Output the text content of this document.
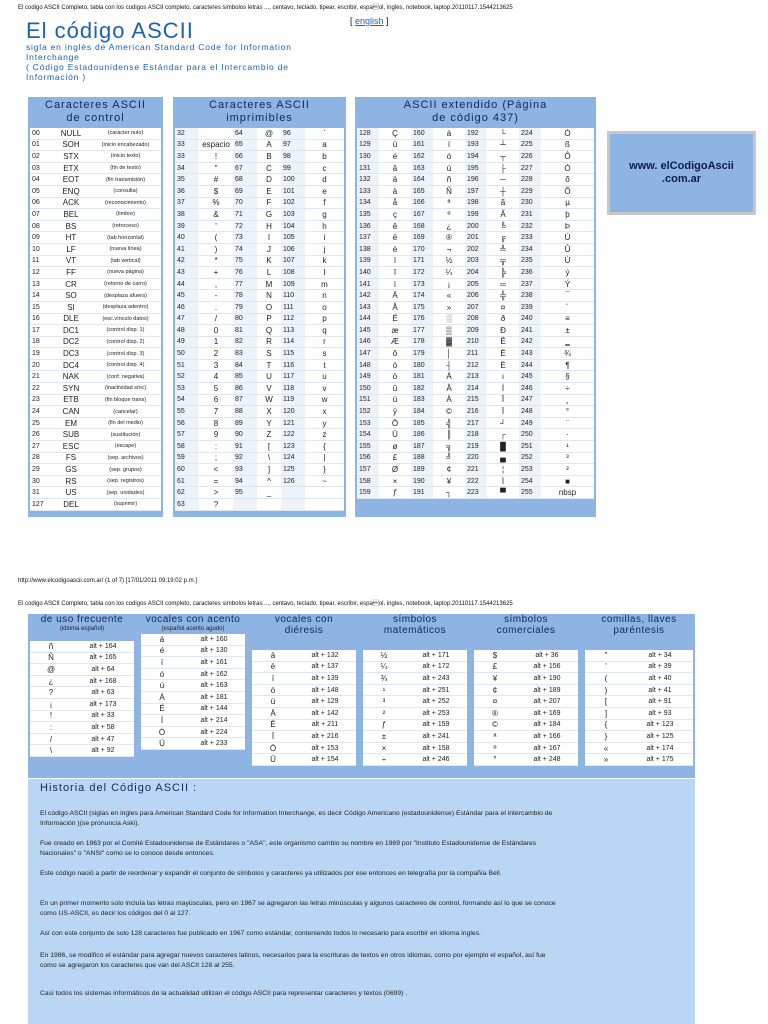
El codigo ASCII Completo, tabla con los codigos ASCII completo, caracteres simbolos letras ..., centavo, teclado, tipear, escribir, espaol, ingles, notebook, laptop.20110117.1544213625
El código ASCII	[ english ]
sigla en inglés de American Standard Code for Information Interchange
( Código Estadounidense Estándar para el Intercambio de Información )
Caracteres ASCII de control
00	NULL	(carácter nulo)
01	SOH	(inicio encabezado)
02	STX	(inicio texto)
03	ETX	(fin de texto)
04	EOT	(fin transmisión)
05	ENQ	(consulta)
06	ACK	(reconocimiento)
07	BEL	(timbre)
08	BS	(retroceso)
09	HT	(tab horizontal)
10	LF	(nueva línea)
11	VT	(tab vertical)
12	FF	(nueva página)
13	CR	(retorno de carro)
14	SO	(desplaza afuera)
15	SI	(desplaza adentro)
16	DLE	(esc.vínculo datos)
17	DC1	(control disp. 1)
18	DC2	(control disp. 2)
19	DC3	(control disp. 3)
20	DC4	(control disp. 4)
21	NAK	(conf. negativa)
22	SYN	(inactividad sínc)
23	ETB	(fin bloque trans)
24	CAN	(cancelar)
25	EM	(fin del medio)
26	SUB	(sustitución)
27	ESC	(escape)
28	FS	(sep. archivos)
29	GS	(sep. grupos)
30	RS	(sep. registros)
31	US	(sep. unidades)
127	DEL	(suprimir)
Caracteres ASCII imprimibles
32		64	@	96	`
33	espacio	65	A	97	a
33	!	66	B	98	b
34	"	67	C	99	c
35	#	68	D	100	d
36	$	69	E	101	e
37	%	70	F	102	f
38	&	71	G	103	g
39	'	72	H	104	h
40	(	73	I	105	i
41	)	74	J	106	j
42	*	75	K	107	k
43	+	76	L	108	l
44	,	77	M	109	m
45	-	78	N	110	n
46	.	79	O	111	o
47	/	80	P	112	p
48	0	81	Q	113	q
49	1	82	R	114	r
50	2	83	S	115	s
51	3	84	T	116	t
52	4	85	U	117	u
53	5	86	V	118	v
54	6	87	W	119	w
55	7	88	X	120	x
56	8	89	Y	121	y
57	9	90	Z	122	z
58	:	91	[	123	{
59	;	92	\	124	|
60	<	93	]	125	}
61	=	94	^	126	~
62	>	95	_		
63	?				
ASCII extendido (Página de código 437)
128	Ç	160	á	192	└	224	Ó
129	ü	161	í	193	┴	225	ß
130	é	162	ó	194	┬	226	Ô
131	â	163	ú	195	├	227	Ò
132	ä	164	ñ	196	─	228	õ
133	à	165	Ñ	197	┼	229	Õ
134	å	166	ª	198	ã	230	µ
135	ç	167	º	199	Ã	231	þ
136	ê	168	¿	200	╚	232	Þ
137	ë	169	®	201	╔	233	Ú
138	è	170	¬	202	╩	234	Û
139	ï	171	½	203	╦	235	Ù
140	î	172	¼	204	╠	236	ý
141	ì	173	¡	205	═	237	Ý
142	Ä	174	«	206	╬	238	¯
143	Å	175	»	207	¤	239	´
144	É	176	░	208	ð	240	≡
145	æ	177	▒	209	Ð	241	±
146	Æ	178	▓	210	Ê	242	‗
147	ô	179	│	211	Ë	243	¾
148	ö	180	┤	212	È	244	¶
149	ò	181	Á	213	ı	245	§
150	û	182	Â	214	Í	246	÷
151	ù	183	À	215	Î	247	¸
152	ÿ	184	©	216	Ï	248	°
153	Ö	185	╣	217	┘	249	¨
154	Ü	186	║	218	┌	250	·
155	ø	187	╗	219	█	251	¹
156	£	188	╝	220	▄	252	³
157	Ø	189	¢	221	¦	253	²
158	×	190	¥	222	Ì	254	■
159	ƒ	191	┐	223	▀	255	nbsp
www. elCodigoAscii .com.ar
http://www.elcodigoascii.com.ar/ (1 of 7) [17/01/2011 09:19:02 p.m.]
El codigo ASCII Completo, tabla con los codigos ASCII completo, caracteres simbolos letras ..., centavo, teclado, tipear, escribir, espaol, ingles, notebook, laptop.20110117.1544213625
de uso frecuente
(idioma español)
ñ	alt + 164
Ñ	alt + 165
@	alt + 64
¿	alt + 168
?	alt + 63
¡	alt + 173
!	alt + 33
:	alt + 58
/	alt + 47
\	alt + 92
vocales con acento
(español acento agudo)
á	alt + 160
é	alt + 130
í	alt + 161
ó	alt + 162
ú	alt + 163
Á	alt + 181
É	alt + 144
Í	alt + 214
Ó	alt + 224
Ú	alt + 233
vocales con diéresis
ä	alt + 132
ë	alt + 137
ï	alt + 139
ö	alt + 148
ü	alt + 129
Ä	alt + 142
Ë	alt + 211
Ï	alt + 216
Ö	alt + 153
Ü	alt + 154
símbolos matemáticos
½	alt + 171
¼	alt + 172
¾	alt + 243
¹	alt + 251
³	alt + 252
²	alt + 253
ƒ	alt + 159
±	alt + 241
×	alt + 158
÷	alt + 246
símbolos comerciales
$	alt + 36
£	alt + 156
¥	alt + 190
¢	alt + 189
¤	alt + 207
®	alt + 169
©	alt + 184
ª	alt + 166
º	alt + 167
°	alt + 248
comillas, llaves paréntesis
"	alt + 34
'	alt + 39
(	alt + 40
)	alt + 41
[	alt + 91
]	alt + 93
{	alt + 123
}	alt + 125
«	alt + 174
»	alt + 175
Historia del Código ASCII :

El código ASCII (siglas en ingles para American Standard Code for Information Interchange, es decir Código Americano (estadounidense) Estándar para el intercambio de Información )(se pronuncia Aski).

Fue creado en 1963 por el Comité Estadounidense de Estándares o "ASA", este organismo cambio su nombre en 1969 por "Instituto Estadounidense de Estándares Nacionales" o "ANSI" como se lo conoce desde entonces.

Este código nació a partir de reordenar y expandir el conjunto de símbolos y caracteres ya utilizados por ese entonces en telegrafía por la compañía Bell.

En un primer momento solo incluía las letras mayúsculas, pero en 1967 se agregaron las letras minúsculas y algunos caracteres de control, formando así lo que se conoce como US-ASCII, es decir los códigos del 0 al 127.

Así con este conjunto de solo 128 caracteres fue publicado en 1967 como estándar, conteniendo todos lo necesario para escribir en idioma ingles.

En 1986, se modifico el estándar para agregar nuevos caracteres latinos, necesarios para la escrituras de textos en otros idiomas, como por ejemplo el español, así fue como se agregaron los caracteres que van del ASCII 128 al 255.

Casi todos los sistemas informáticos de la actualidad utilizan el código ASCII para representar caracteres y textos (0699) .
